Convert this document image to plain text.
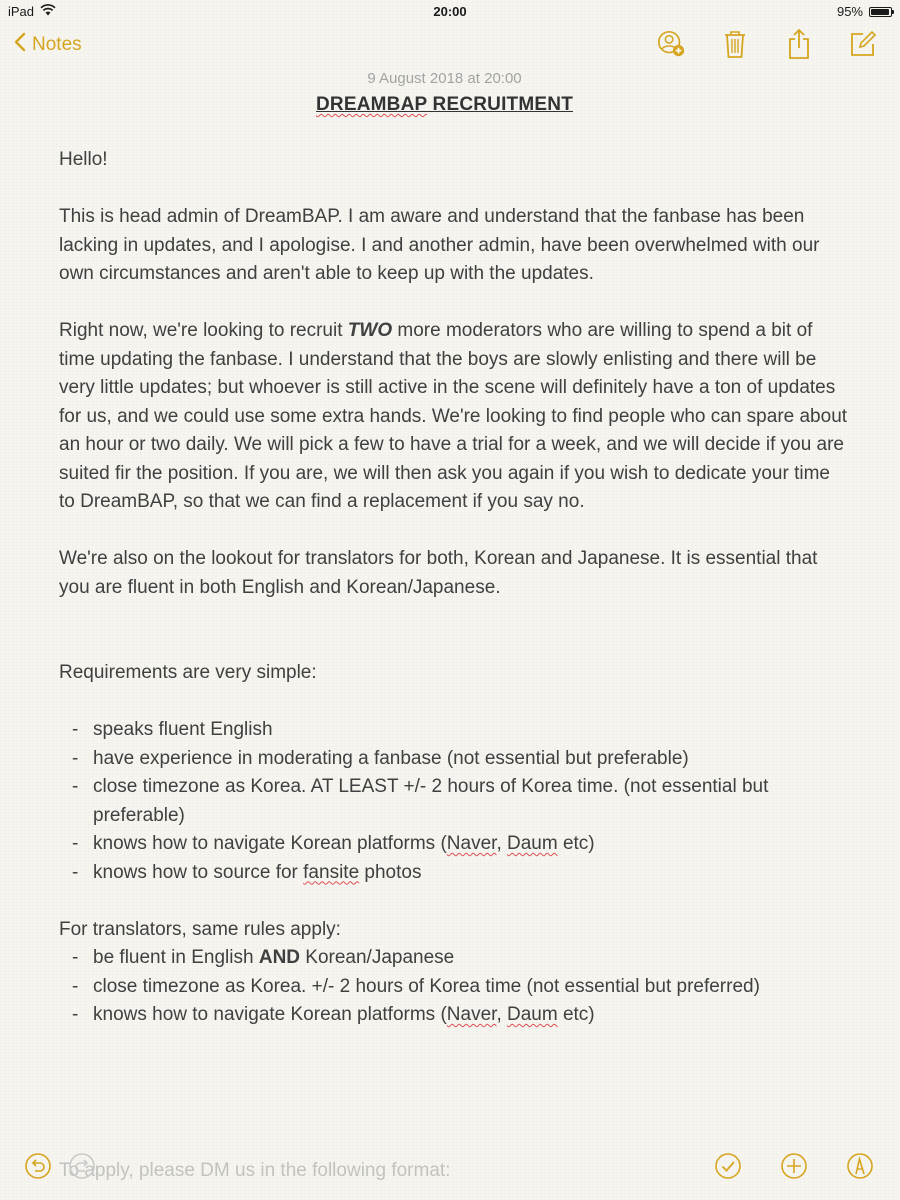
iPad	20:00	95%
Notes
9 August 2018 at 20:00
DREAMBAP RECRUITMENT

Hello!

This is head admin of DreamBAP. I am aware and understand that the fanbase has been lacking in updates, and I apologise. I and another admin, have been overwhelmed with our own circumstances and aren't able to keep up with the updates.

Right now, we're looking to recruit TWO more moderators who are willing to spend a bit of time updating the fanbase. I understand that the boys are slowly enlisting and there will be very little updates; but whoever is still active in the scene will definitely have a ton of updates for us, and we could use some extra hands. We're looking to find people who can spare about an hour or two daily. We will pick a few to have a trial for a week, and we will decide if you are suited fir the position. If you are, we will then ask you again if you wish to dedicate your time to DreamBAP, so that we can find a replacement if you say no.

We're also on the lookout for translators for both, Korean and Japanese. It is essential that you are fluent in both English and Korean/Japanese.

Requirements are very simple:

- speaks fluent English
- have experience in moderating a fanbase (not essential but preferable)
- close timezone as Korea. AT LEAST +/- 2 hours of Korea time. (not essential but preferable)
- knows how to navigate Korean platforms (Naver, Daum etc)
- knows how to source for fansite photos

For translators, same rules apply:

- be fluent in English AND Korean/Japanese
- close timezone as Korea. +/- 2 hours of Korea time (not essential but preferred)
- knows how to navigate Korean platforms (Naver, Daum etc)
To apply, please DM us in the following format:
